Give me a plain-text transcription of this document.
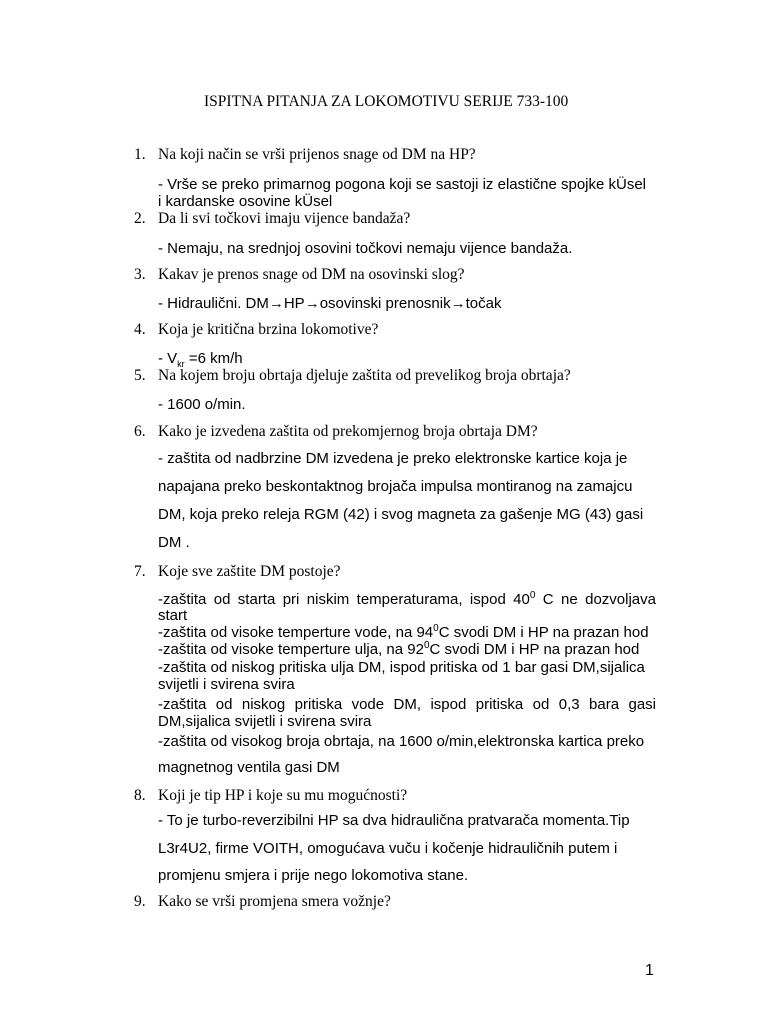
ISPITNA PITANJA ZA LOKOMOTIVU SERIJE 733-100
1. Na koji način se vrši prijenos snage od DM na HP?
- Vrše se preko primarnog pogona koji se sastoji iz elastične spojke kÜsel
i kardanske osovine kÜsel
2. Da li svi točkovi imaju vijence bandaža?
- Nemaju, na srednjoj osovini točkovi nemaju vijence bandaža.
3. Kakav je prenos snage od DM na osovinski slog?
- Hidraulični. DM→HP→osovinski prenosnik→točak
4. Koja je kritična brzina lokomotive?
- $V_{kr} =6$ km/h
5. Na kojem broju obrtaja djeluje zaštita od prevelikog broja obrtaja?
- 1600 o/min.
6. Kako je izvedena zaštita od prekomjernog broja obrtaja DM?
- zaštita od nadbrzine DM izvedena je preko elektronske kartice koja je
napajana preko beskontaktnog brojača impulsa montiranog na zamajcu
DM, koja preko releja RGM (42) i svog magneta za gašenje MG (43) gasi
DM .
7. Koje sve zaštite DM postoje?
-zaštita od starta pri niskim temperaturama, ispod $40^0$ C ne dozvoljava
start
-zaštita od visoke temperture vode, na $94^0C$ svodi DM i HP na prazan hod
-zaštita od visoke temperture ulja, na $92^0C$ svodi DM i HP na prazan hod
-zaštita od niskog pritiska ulja DM, ispod pritiska od 1 bar gasi DM,sijalica
svijetli i svirena svira
-zaštita od niskog pritiska vode DM, ispod pritiska od 0,3 bara gasi
DM,sijalica svijetli i svirena svira
-zaštita od visokog broja obrtaja, na 1600 o/min,elektronska kartica preko
magnetnog ventila gasi DM
8. Koji je tip HP i koje su mu mogućnosti?
- To je turbo-reverzibilni HP sa dva hidraulična pratvarača momenta.Tip
L3r4U2, firme VOITH, omogućava vuču i kočenje hidrauličnih putem i
promjenu smjera i prije nego lokomotiva stane.
9. Kako se vrši promjena smera vožnje?
1
